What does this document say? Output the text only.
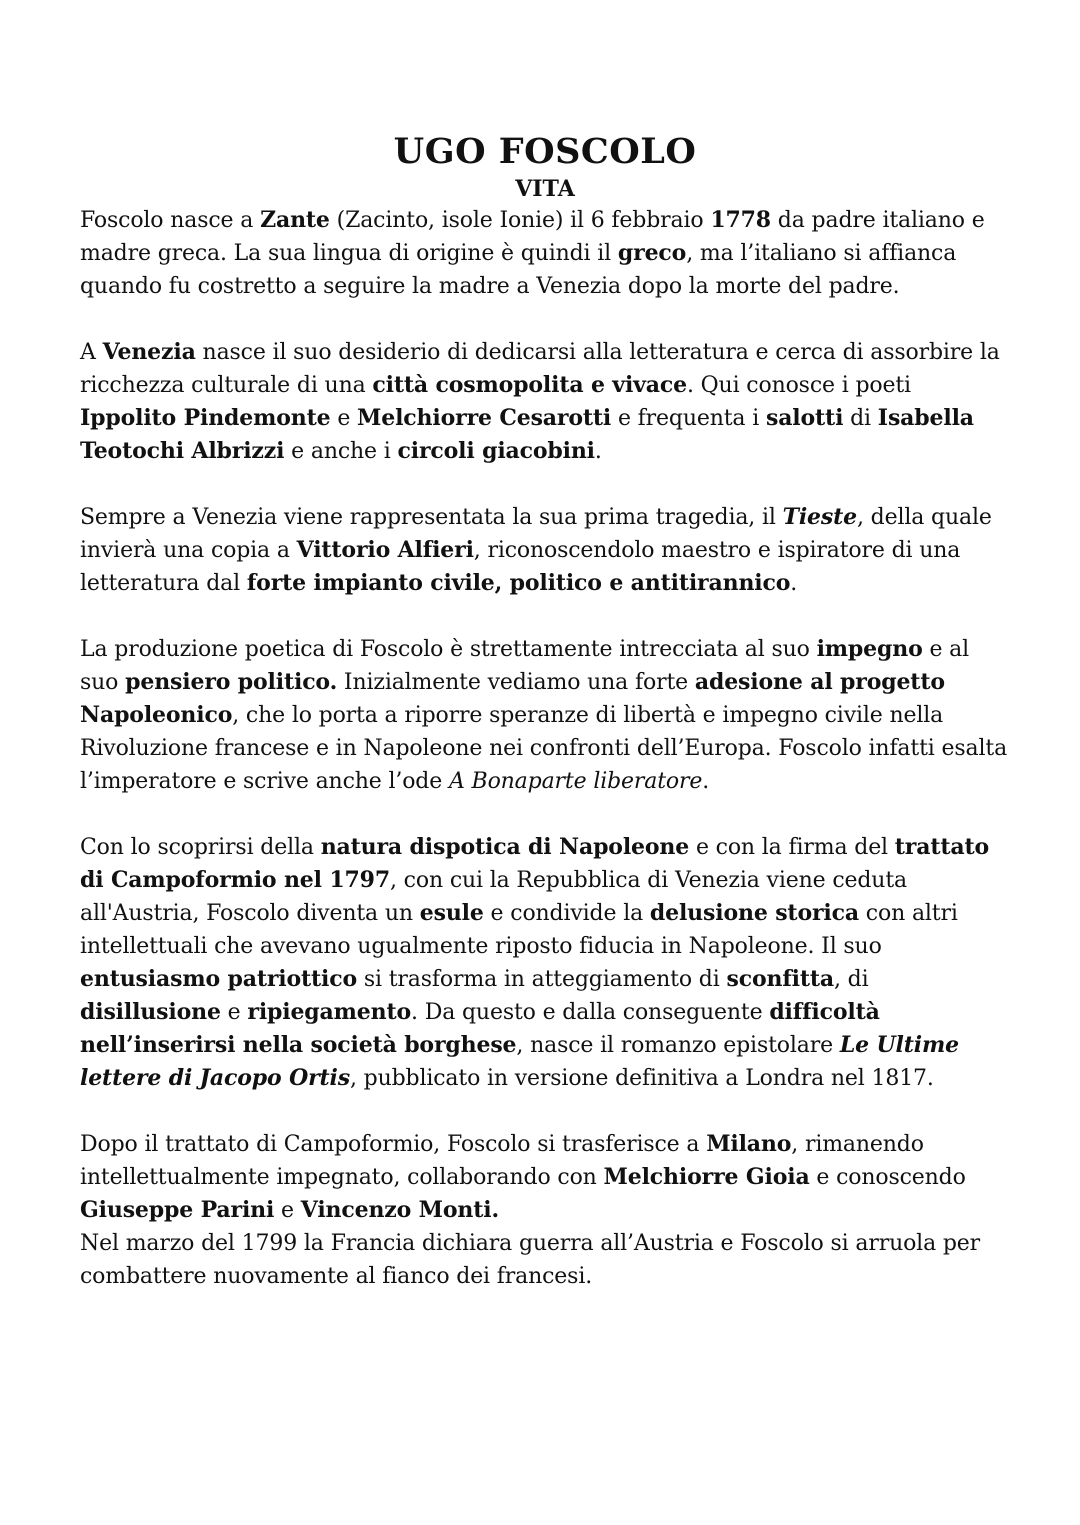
UGO FOSCOLO
VITA

Foscolo nasce a Zante (Zacinto, isole Ionie) il 6 febbraio 1778 da padre italiano e madre greca. La sua lingua di origine è quindi il greco, ma l’italiano si affianca quando fu costretto a seguire la madre a Venezia dopo la morte del padre.

A Venezia nasce il suo desiderio di dedicarsi alla letteratura e cerca di assorbire la ricchezza culturale di una città cosmopolita e vivace. Qui conosce i poeti Ippolito Pindemonte e Melchiorre Cesarotti e frequenta i salotti di Isabella Teotochi Albrizzi e anche i circoli giacobini.

Sempre a Venezia viene rappresentata la sua prima tragedia, il Tieste, della quale invierà una copia a Vittorio Alfieri, riconoscendolo maestro e ispiratore di una letteratura dal forte impianto civile, politico e antitirannico.

La produzione poetica di Foscolo è strettamente intrecciata al suo impegno e al suo pensiero politico. Inizialmente vediamo una forte adesione al progetto Napoleonico, che lo porta a riporre speranze di libertà e impegno civile nella Rivoluzione francese e in Napoleone nei confronti dell’Europa. Foscolo infatti esalta l’imperatore e scrive anche l’ode A Bonaparte liberatore.

Con lo scoprirsi della natura dispotica di Napoleone e con la firma del trattato di Campoformio nel 1797, con cui la Repubblica di Venezia viene ceduta all'Austria, Foscolo diventa un esule e condivide la delusione storica con altri intellettuali che avevano ugualmente riposto fiducia in Napoleone. Il suo entusiasmo patriottico si trasforma in atteggiamento di sconfitta, di disillusione e ripiegamento. Da questo e dalla conseguente difficoltà nell’inserirsi nella società borghese, nasce il romanzo epistolare Le Ultime lettere di Jacopo Ortis, pubblicato in versione definitiva a Londra nel 1817.

Dopo il trattato di Campoformio, Foscolo si trasferisce a Milano, rimanendo intellettualmente impegnato, collaborando con Melchiorre Gioia e conoscendo Giuseppe Parini e Vincenzo Monti.

Nel marzo del 1799 la Francia dichiara guerra all’Austria e Foscolo si arruola per combattere nuovamente al fianco dei francesi.
